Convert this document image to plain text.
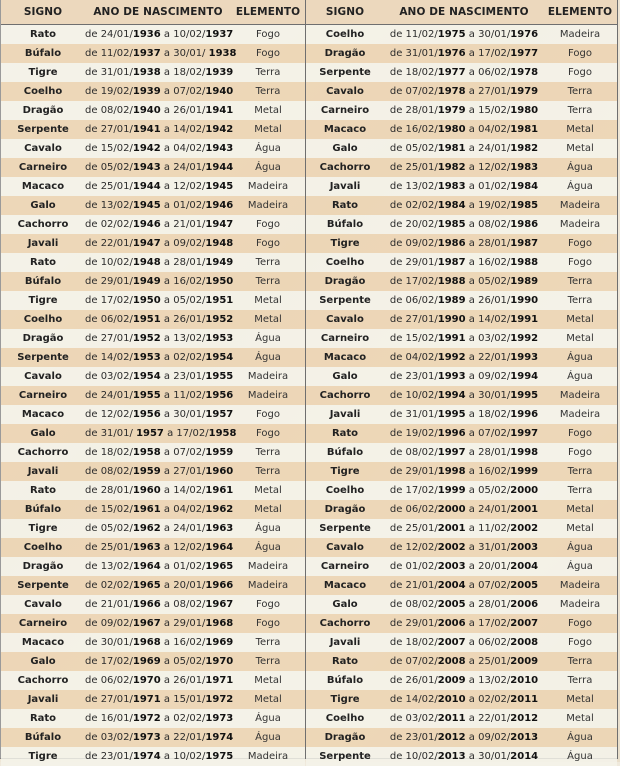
SIGNO	ANO DE NASCIMENTO	ELEMENTO
Rato	de 24/01/1936 a 10/02/1937	Fogo
Búfalo	de 11/02/1937 a 30/01/ 1938	Fogo
Tigre	de 31/01/1938 a 18/02/1939	Terra
Coelho	de 19/02/1939 a 07/02/1940	Terra
Dragão	de 08/02/1940 a 26/01/1941	Metal
Serpente	de 27/01/1941 a 14/02/1942	Metal
Cavalo	de 15/02/1942 a 04/02/1943	Água
Carneiro	de 05/02/1943 a 24/01/1944	Água
Macaco	de 25/01/1944 a 12/02/1945	Madeira
Galo	de 13/02/1945 a 01/02/1946	Madeira
Cachorro	de 02/02/1946 a 21/01/1947	Fogo
Javali	de 22/01/1947 a 09/02/1948	Fogo
Rato	de 10/02/1948 a 28/01/1949	Terra
Búfalo	de 29/01/1949 a 16/02/1950	Terra
Tigre	de 17/02/1950 a 05/02/1951	Metal
Coelho	de 06/02/1951 a 26/01/1952	Metal
Dragão	de 27/01/1952 a 13/02/1953	Água
Serpente	de 14/02/1953 a 02/02/1954	Água
Cavalo	de 03/02/1954 a 23/01/1955	Madeira
Carneiro	de 24/01/1955 a 11/02/1956	Madeira
Macaco	de 12/02/1956 a 30/01/1957	Fogo
Galo	de 31/01/ 1957 a 17/02/1958	Fogo
Cachorro	de 18/02/1958 a 07/02/1959	Terra
Javali	de 08/02/1959 a 27/01/1960	Terra
Rato	de 28/01/1960 a 14/02/1961	Metal
Búfalo	de 15/02/1961 a 04/02/1962	Metal
Tigre	de 05/02/1962 a 24/01/1963	Água
Coelho	de 25/01/1963 a 12/02/1964	Água
Dragão	de 13/02/1964 a 01/02/1965	Madeira
Serpente	de 02/02/1965 a 20/01/1966	Madeira
Cavalo	de 21/01/1966 a 08/02/1967	Fogo
Carneiro	de 09/02/1967 a 29/01/1968	Fogo
Macaco	de 30/01/1968 a 16/02/1969	Terra
Galo	de 17/02/1969 a 05/02/1970	Terra
Cachorro	de 06/02/1970 a 26/01/1971	Metal
Javali	de 27/01/1971 a 15/01/1972	Metal
Rato	de 16/01/1972 a 02/02/1973	Água
Búfalo	de 03/02/1973 a 22/01/1974	Água
Tigre	de 23/01/1974 a 10/02/1975	Madeira
SIGNO	ANO DE NASCIMENTO	ELEMENTO
Coelho	de 11/02/1975 a 30/01/1976	Madeira
Dragão	de 31/01/1976 a 17/02/1977	Fogo
Serpente	de 18/02/1977 a 06/02/1978	Fogo
Cavalo	de 07/02/1978 a 27/01/1979	Terra
Carneiro	de 28/01/1979 a 15/02/1980	Terra
Macaco	de 16/02/1980 a 04/02/1981	Metal
Galo	de 05/02/1981 a 24/01/1982	Metal
Cachorro	de 25/01/1982 a 12/02/1983	Água
Javali	de 13/02/1983 a 01/02/1984	Água
Rato	de 02/02/1984 a 19/02/1985	Madeira
Búfalo	de 20/02/1985 a 08/02/1986	Madeira
Tigre	de 09/02/1986 a 28/01/1987	Fogo
Coelho	de 29/01/1987 a 16/02/1988	Fogo
Dragão	de 17/02/1988 a 05/02/1989	Terra
Serpente	de 06/02/1989 a 26/01/1990	Terra
Cavalo	de 27/01/1990 a 14/02/1991	Metal
Carneiro	de 15/02/1991 a 03/02/1992	Metal
Macaco	de 04/02/1992 a 22/01/1993	Água
Galo	de 23/01/1993 a 09/02/1994	Água
Cachorro	de 10/02/1994 a 30/01/1995	Madeira
Javali	de 31/01/1995 a 18/02/1996	Madeira
Rato	de 19/02/1996 a 07/02/1997	Fogo
Búfalo	de 08/02/1997 a 28/01/1998	Fogo
Tigre	de 29/01/1998 a 16/02/1999	Terra
Coelho	de 17/02/1999 a 05/02/2000	Terra
Dragão	de 06/02/2000 a 24/01/2001	Metal
Serpente	de 25/01/2001 a 11/02/2002	Metal
Cavalo	de 12/02/2002 a 31/01/2003	Água
Carneiro	de 01/02/2003 a 20/01/2004	Água
Macaco	de 21/01/2004 a 07/02/2005	Madeira
Galo	de 08/02/2005 a 28/01/2006	Madeira
Cachorro	de 29/01/2006 a 17/02/2007	Fogo
Javali	de 18/02/2007 a 06/02/2008	Fogo
Rato	de 07/02/2008 a 25/01/2009	Terra
Búfalo	de 26/01/2009 a 13/02/2010	Terra
Tigre	de 14/02/2010 a 02/02/2011	Metal
Coelho	de 03/02/2011 a 22/01/2012	Metal
Dragão	de 23/01/2012 a 09/02/2013	Água
Serpente	de 10/02/2013 a 30/01/2014	Água
